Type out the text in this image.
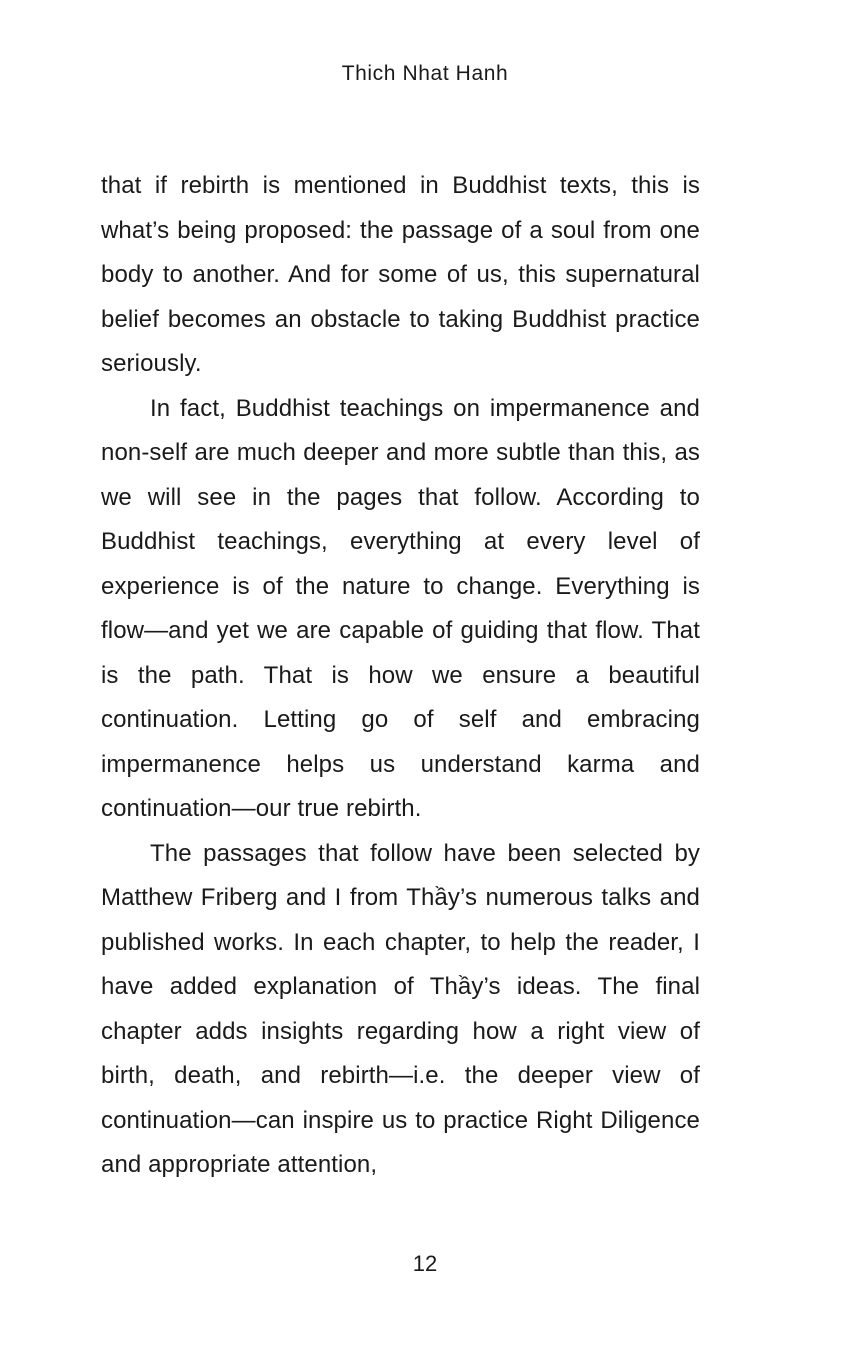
Thich Nhat Hanh

that if rebirth is mentioned in Buddhist texts, this is what’s being proposed: the passage of a soul from one body to another. And for some of us, this supernatural belief becomes an obstacle to taking Buddhist practice seriously.

In fact, Buddhist teachings on impermanence and non-self are much deeper and more subtle than this, as we will see in the pages that follow. According to Buddhist teachings, everything at every level of experience is of the nature to change. Everything is flow—and yet we are capable of guiding that flow. That is the path. That is how we ensure a beautiful continuation. Letting go of self and embracing impermanence helps us understand karma and continuation—our true rebirth.

The passages that follow have been selected by Matthew Friberg and I from Thầy’s numerous talks and published works. In each chapter, to help the reader, I have added explanation of Thầy’s ideas. The final chapter adds insights regarding how a right view of birth, death, and rebirth—i.e. the deeper view of continuation—can inspire us to practice Right Diligence and appropriate attention,

12
